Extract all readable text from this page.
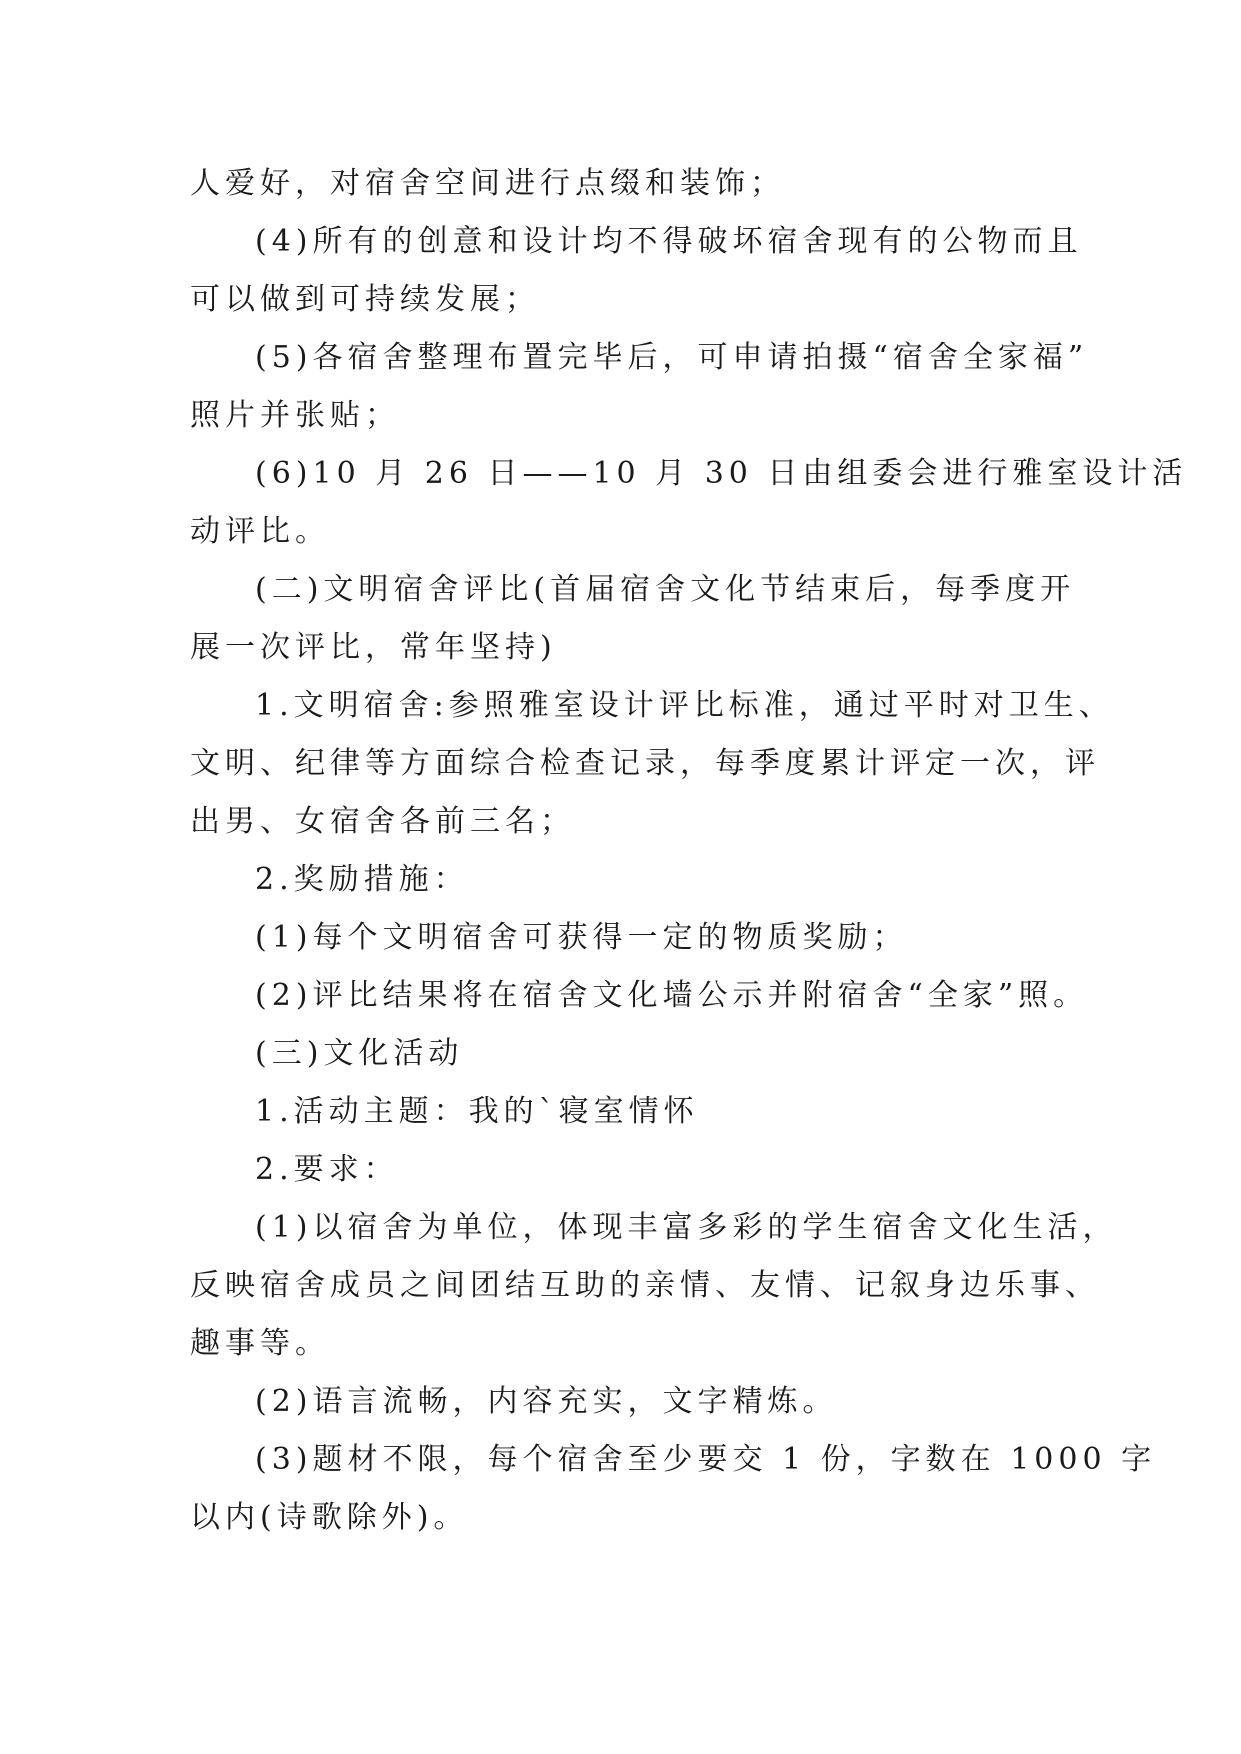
人爱好，对宿舍空间进行点缀和装饰；
(4)所有的创意和设计均不得破坏宿舍现有的公物而且
可以做到可持续发展；
(5)各宿舍整理布置完毕后，可申请拍摄“宿舍全家福”
照片并张贴；
(6)10 月 26 日——10 月 30 日由组委会进行雅室设计活
动评比。
(二)文明宿舍评比(首届宿舍文化节结束后，每季度开
展一次评比，常年坚持)
1.文明宿舍:参照雅室设计评比标准，通过平时对卫生、
文明、纪律等方面综合检查记录，每季度累计评定一次，评
出男、女宿舍各前三名；
2.奖励措施：
(1)每个文明宿舍可获得一定的物质奖励；
(2)评比结果将在宿舍文化墙公示并附宿舍“全家”照。
(三)文化活动
1.活动主题：我的`寝室情怀
2.要求：
(1)以宿舍为单位，体现丰富多彩的学生宿舍文化生活，
反映宿舍成员之间团结互助的亲情、友情、记叙身边乐事、
趣事等。
(2)语言流畅，内容充实，文字精炼。
(3)题材不限，每个宿舍至少要交 1 份，字数在 1000 字
以内(诗歌除外)。
